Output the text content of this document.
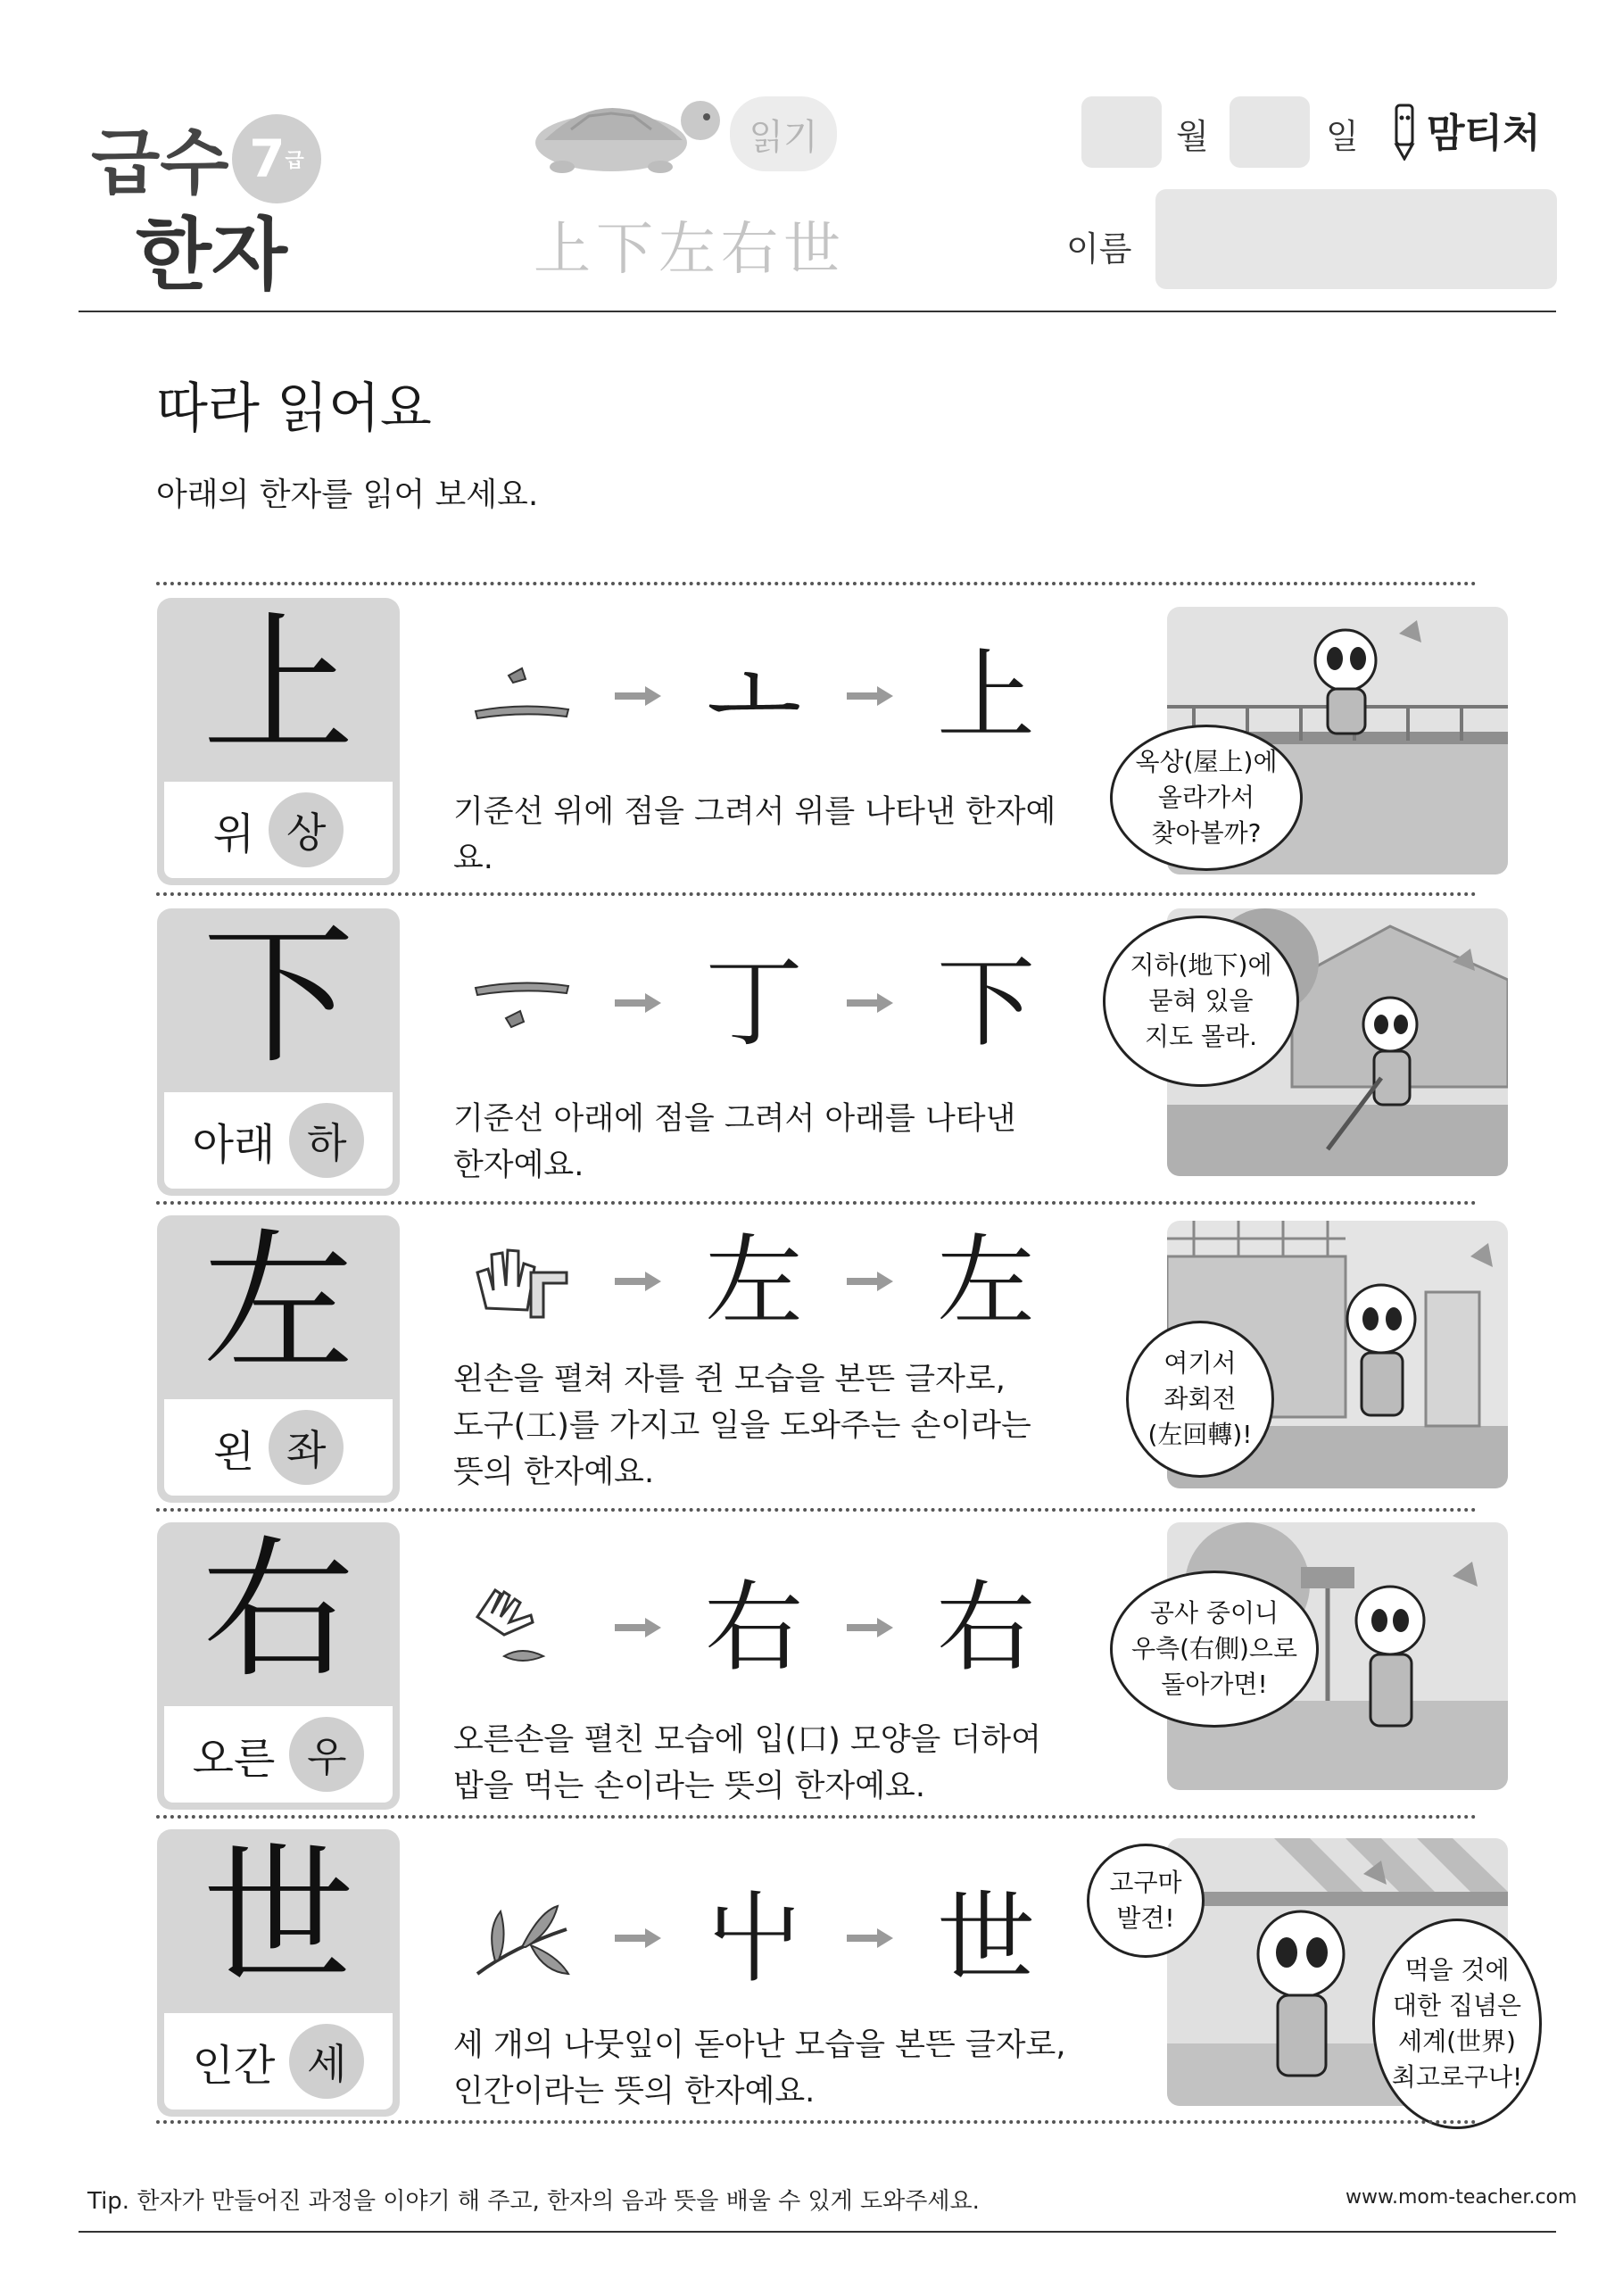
급수 7 급
한자
읽기
上下左右世
월	일 맘티처
이름
따라 읽어요
아래의 한자를 읽어 보세요.
上
위 상
ㅗ 上
기준선 위에 점을 그려서 위를 나타낸 한자예요.
옥상(屋上)에
올라가서
찾아볼까?
下
아래 하
丁 下
기준선 아래에 점을 그려서 아래를 나타낸
한자예요.
지하(地下)에
묻혀 있을
지도 몰라.
左
왼 좌
左 左
왼손을 펼쳐 자를 쥔 모습을 본뜬 글자로,
도구(工)를 가지고 일을 도와주는 손이라는
뜻의 한자예요.
여기서
좌회전
(左回轉)!
右
오른 우
右 右
오른손을 펼친 모습에 입(口) 모양을 더하여
밥을 먹는 손이라는 뜻의 한자예요.
공사 중이니
우측(右側)으로
돌아가면!
世
인간 세
屮 世
세 개의 나뭇잎이 돋아난 모습을 본뜬 글자로,
인간이라는 뜻의 한자예요.
고구마
발견!
먹을 것에
대한 집념은
세계(世界)
최고로구나!
Tip. 한자가 만들어진 과정을 이야기 해 주고, 한자의 음과 뜻을 배울 수 있게 도와주세요.	www.mom-teacher.com
